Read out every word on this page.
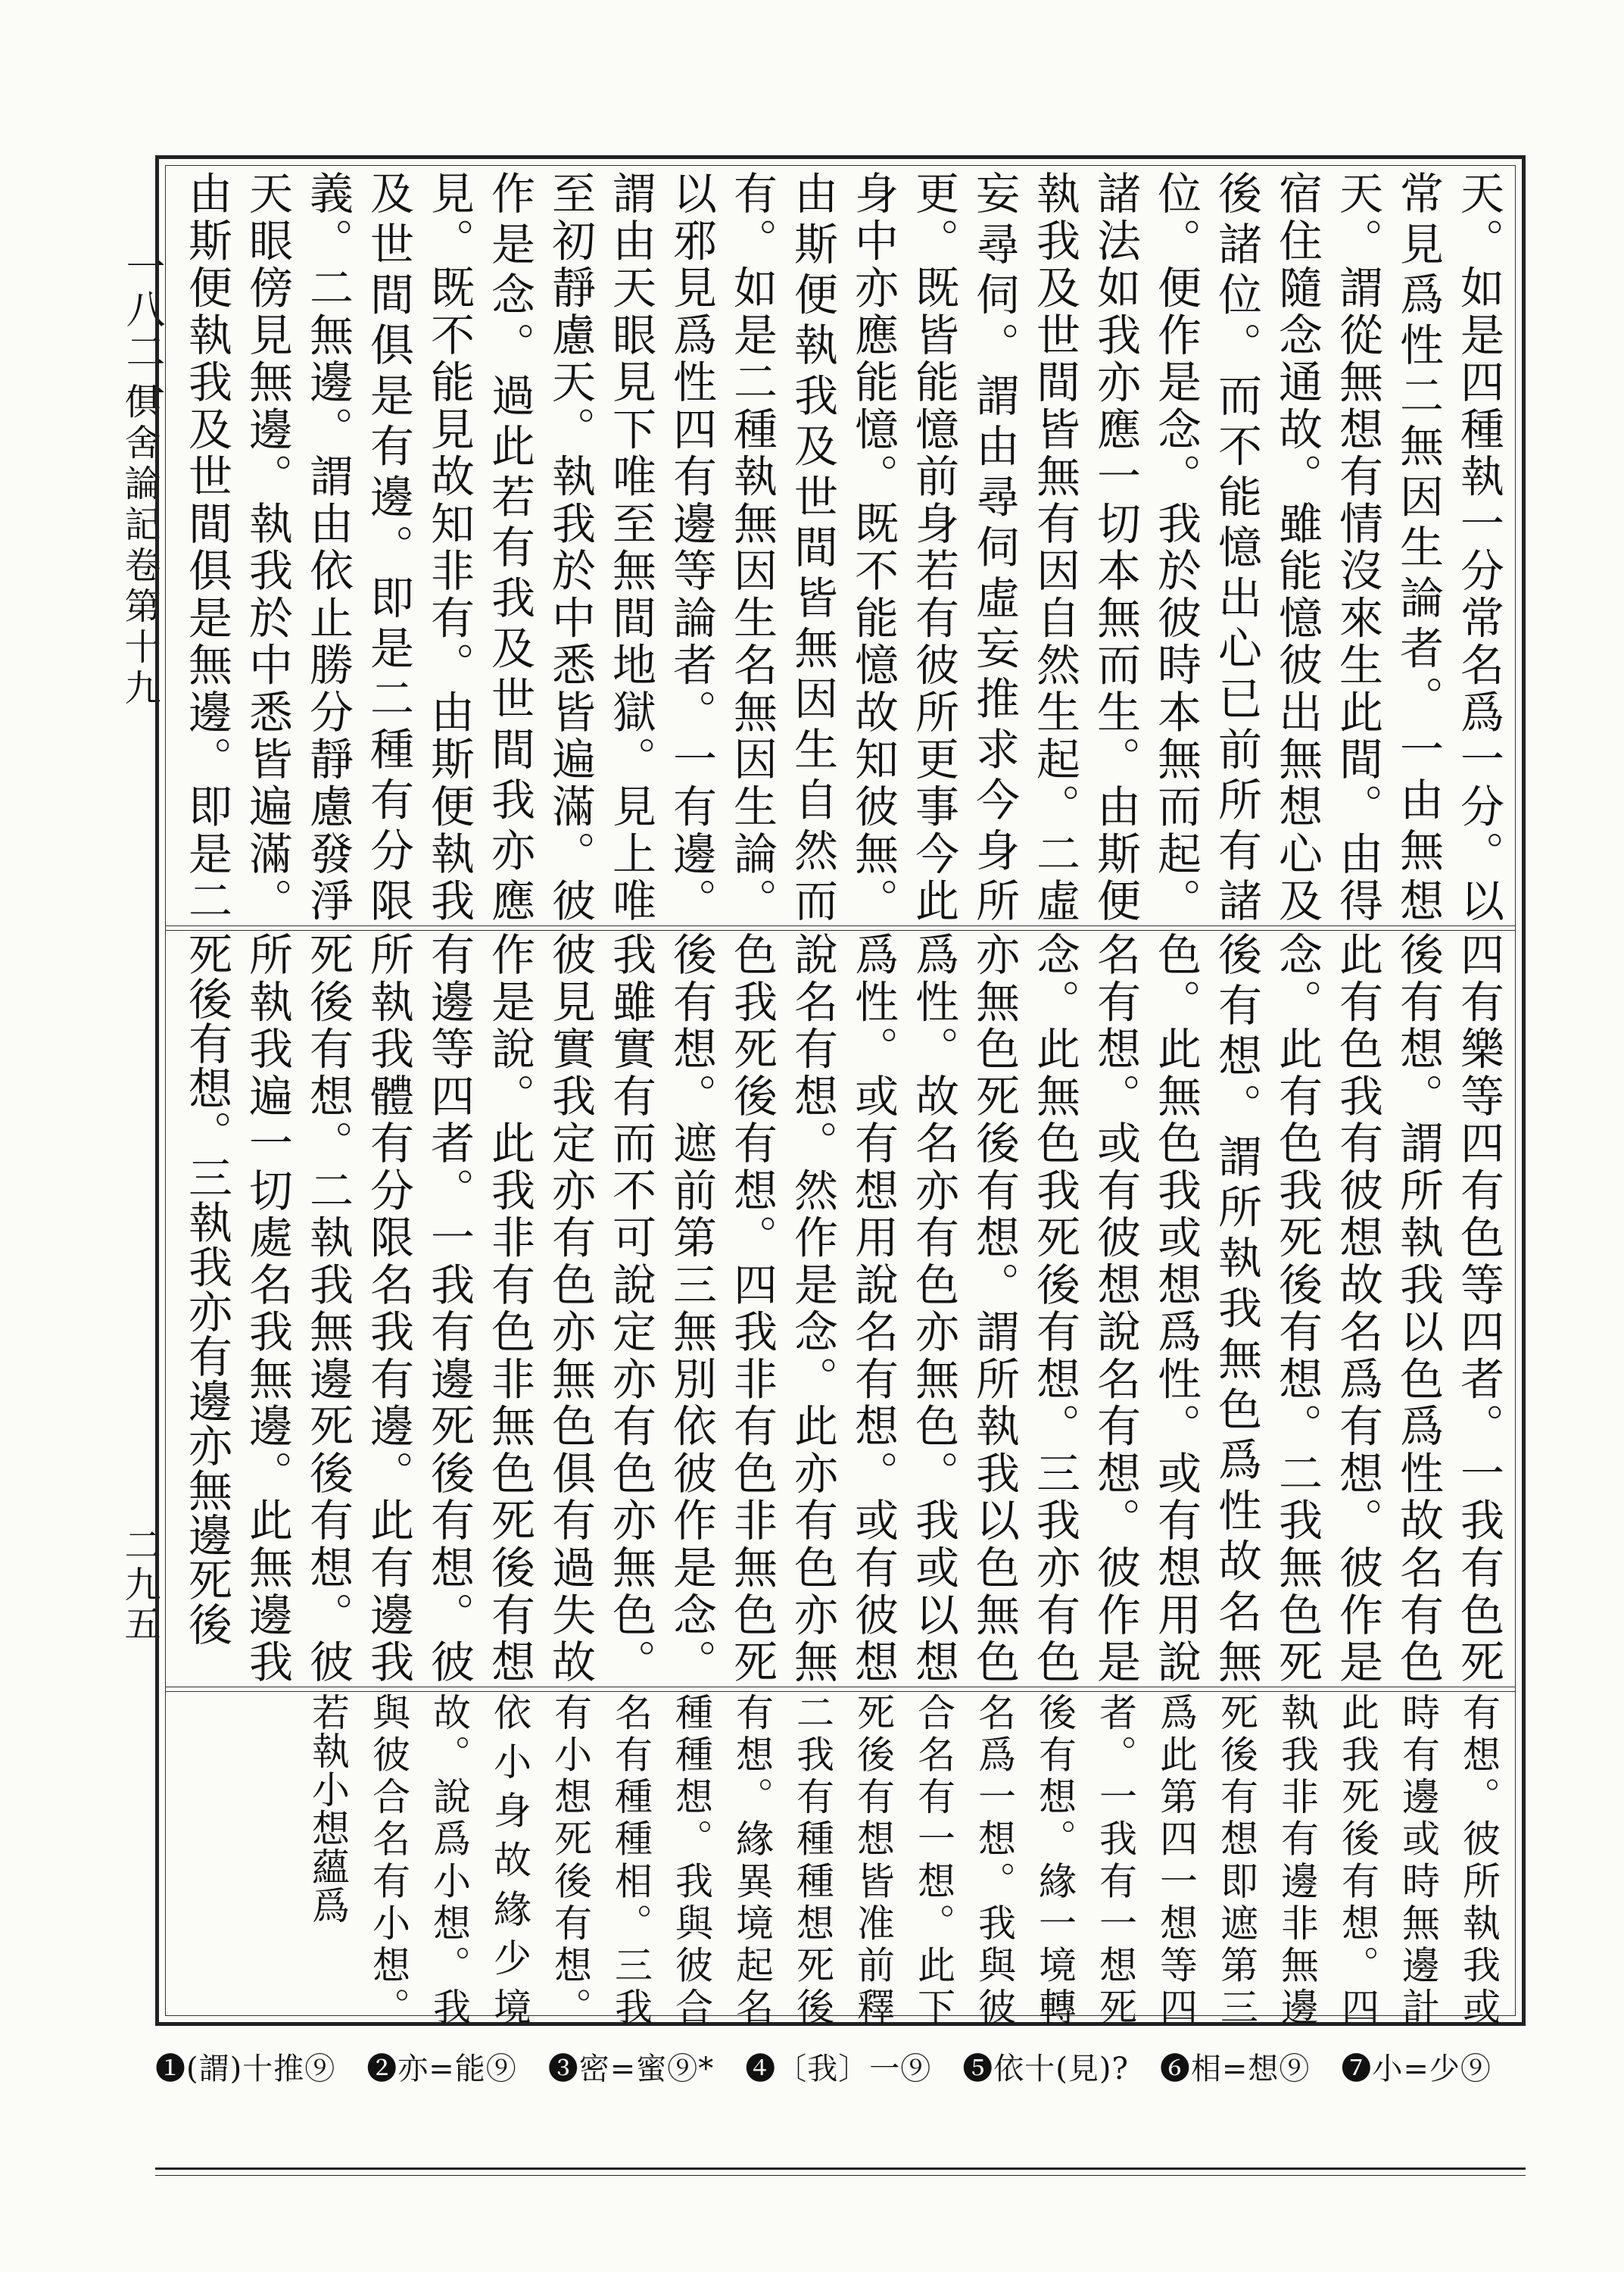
一八二一
俱舍論記卷第十九
二九五
天。如是四種執一分常名爲一分。以常見爲性二無因生論者。一由無想天。謂從無想有情沒來生此間。由得宿住隨念通故。雖能憶彼出無想心及後諸位。而不能憶出心已前所有諸位。便作是念。我於彼時本無而起。諸法如我亦應一切本無而生。由斯便執我及世間皆無有因自然生起。二虛妄尋伺。謂由尋伺虛妄推求今身所更。既皆能憶前身若有彼所更事今此身中亦應能憶。既不能憶故知彼無。由斯便執我及世間皆無因生自然而有。如是二種執無因生名無因生論。以邪見爲性四有邊等論者。一有邊。謂由天眼見下唯至無間地獄。見上唯至初靜慮天。執我於中悉皆遍滿。彼作是念。過此若有我及世間我亦應見。既不能見故知非有。由斯便執我及世間俱是有邊。即是二種有分限義。二無邊。謂由依止勝分靜慮發淨天眼傍見無邊。執我於中悉皆遍滿。由斯便執我及世間俱是無邊。即是二
四有樂等四有色等四者。一我有色死後有想。謂所執我以色爲性故名有色此有色我有彼想故名爲有想。彼作是念。此有色我死後有想。二我無色死後有想。謂所執我無色爲性故名無色。此無色我或想爲性。或有想用說名有想。或有彼想說名有想。彼作是念。此無色我死後有想。三我亦有色亦無色死後有想。謂所執我以色無色爲性。故名亦有色亦無色。我或以想爲性。或有想用說名有想。或有彼想說名有想。然作是念。此亦有色亦無色我死後有想。四我非有色非無色死後有想。遮前第三無別依彼作是念。我雖實有而不可說定亦有色亦無色。彼見實我定亦有色亦無色俱有過失故作是說。此我非有色非無色死後有想有邊等四者。一我有邊死後有想。彼所執我體有分限名我有邊。此有邊我死後有想。二執我無邊死後有想。彼所執我遍一切處名我無邊。此無邊我死後有想。三執我亦有邊亦無邊死後
有想。彼所執我或時有邊或時無邊計此我死後有想。四執我非有邊非無邊死後有想即遮第三爲此第四一想等四者。一我有一想死後有想。緣一境轉名爲一想。我與彼合名有一想。此下死後有想皆准前釋二我有種種想死後有想。緣異境起名種種想。我與彼合名有種種相。三我有小想死後有想。依小身故緣少境故。說爲小想。我與彼合名有小想。若執小想蘊爲
❶(謂)十推⑨　❷亦=能⑨　❸密=蜜⑨*　❹〔我〕一⑨　❺依十(見)?　❻相=想⑨　❼小=少⑨
